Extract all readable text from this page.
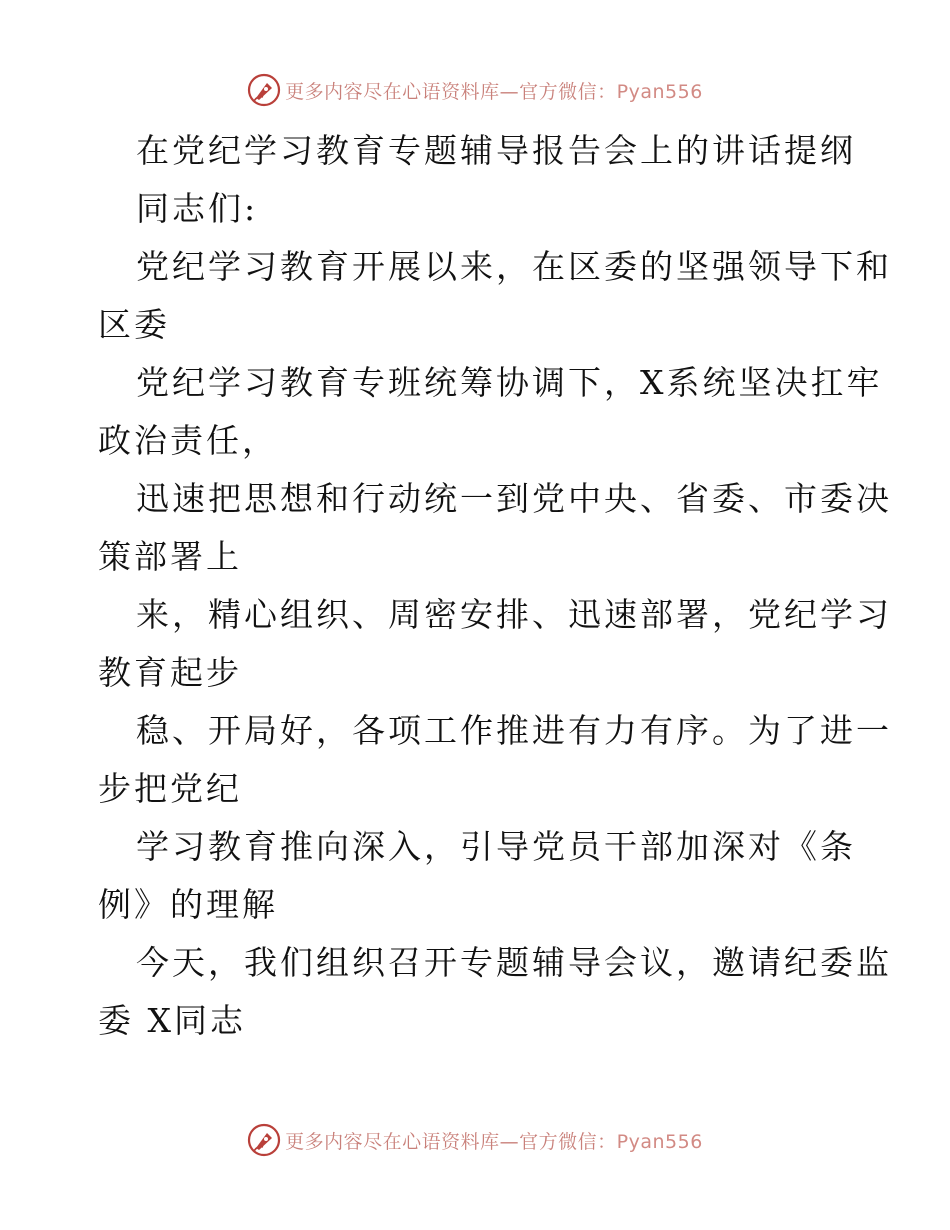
更多内容尽在心语资料库—官方微信：Pyan556
在党纪学习教育专题辅导报告会上的讲话提纲
同志们:
党纪学习教育开展以来，在区委的坚强领导下和
区委
党纪学习教育专班统筹协调下，X系统坚决扛牢
政治责任，
迅速把思想和行动统一到党中央、省委、市委决
策部署上
来，精心组织、周密安排、迅速部署，党纪学习
教育起步
稳、开局好，各项工作推进有力有序。为了进一
步把党纪
学习教育推向深入，引导党员干部加深对《条
例》的理解
今天，我们组织召开专题辅导会议，邀请纪委监
委 X同志
更多内容尽在心语资料库—官方微信：Pyan556
